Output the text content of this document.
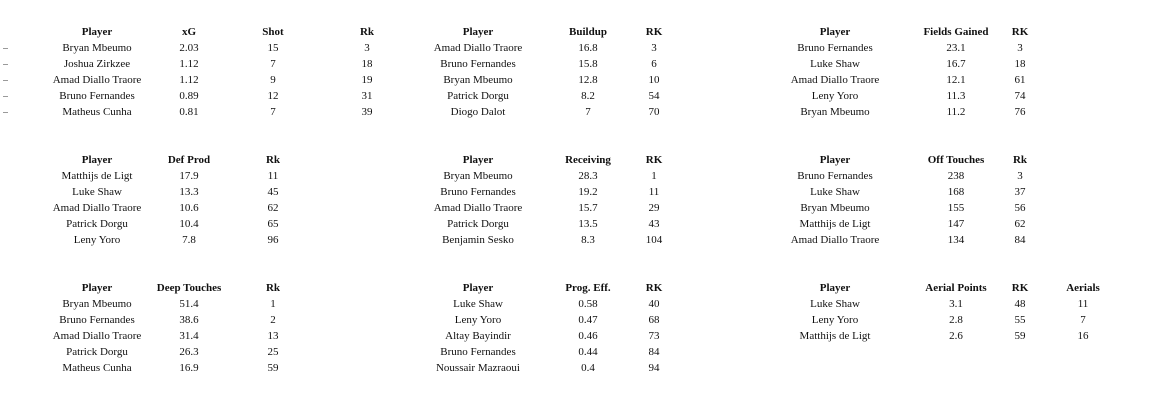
Player	xG	Shot	Rk
Bryan Mbeumo	2.03	15	3
Joshua Zirkzee	1.12	7	18
Amad Diallo Traore	1.12	9	19
Bruno Fernandes	0.89	12	31
Matheus Cunha	0.81	7	39
Player	Buildup	RK
Amad Diallo Traore	16.8	3
Bruno Fernandes	15.8	6
Bryan Mbeumo	12.8	10
Patrick Dorgu	8.2	54
Diogo Dalot	7	70
Player	Fields Gained	RK
Bruno Fernandes	23.1	3
Luke Shaw	16.7	18
Amad Diallo Traore	12.1	61
Leny Yoro	11.3	74
Bryan Mbeumo	11.2	76
Player	Def Prod	Rk
Matthijs de Ligt	17.9	11
Luke Shaw	13.3	45
Amad Diallo Traore	10.6	62
Patrick Dorgu	10.4	65
Leny Yoro	7.8	96
Player	Receiving	RK
Bryan Mbeumo	28.3	1
Bruno Fernandes	19.2	11
Amad Diallo Traore	15.7	29
Patrick Dorgu	13.5	43
Benjamin Sesko	8.3	104
Player	Off Touches	Rk
Bruno Fernandes	238	3
Luke Shaw	168	37
Bryan Mbeumo	155	56
Matthijs de Ligt	147	62
Amad Diallo Traore	134	84
Player	Deep Touches	Rk
Bryan Mbeumo	51.4	1
Bruno Fernandes	38.6	2
Amad Diallo Traore	31.4	13
Patrick Dorgu	26.3	25
Matheus Cunha	16.9	59
Player	Prog. Eff.	RK
Luke Shaw	0.58	40
Leny Yoro	0.47	68
Altay Bayindir	0.46	73
Bruno Fernandes	0.44	84
Noussair Mazraoui	0.4	94
Player	Aerial Points	RK	Aerials
Luke Shaw	3.1	48	11
Leny Yoro	2.8	55	7
Matthijs de Ligt	2.6	59	16
